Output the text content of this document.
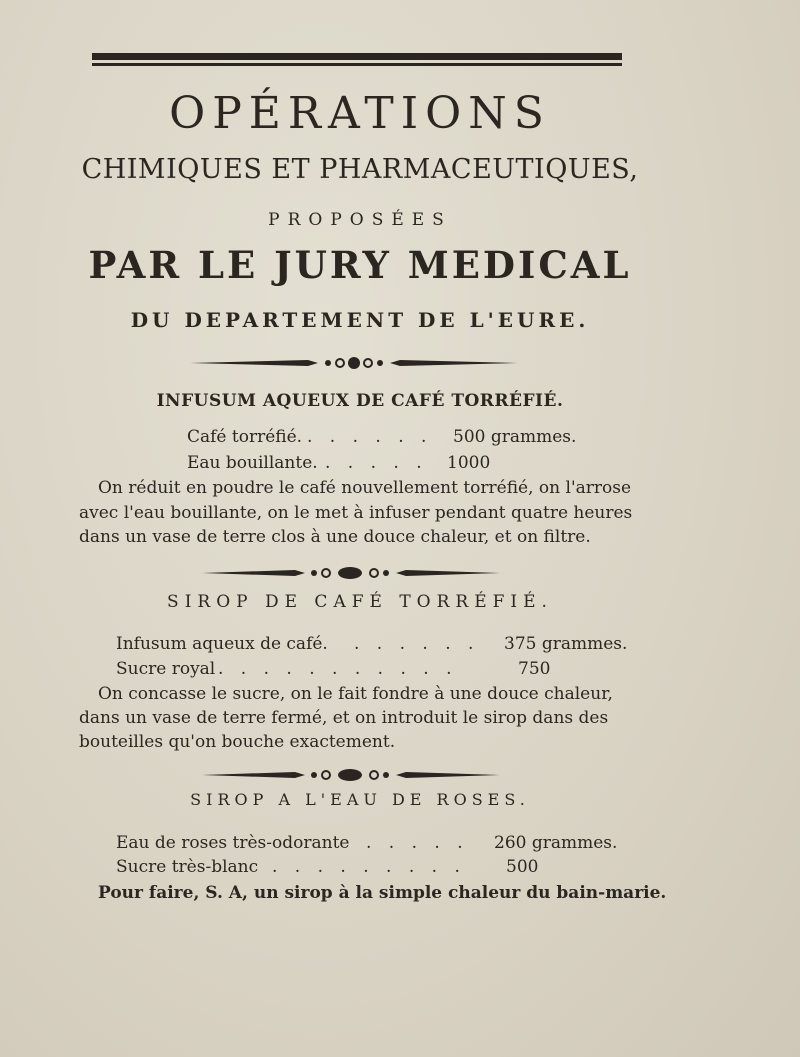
OPÉRATIONS
CHIMIQUES ET PHARMACEUTIQUES,
PROPOSÉES
PAR LE JURY MEDICAL
DU DEPARTEMENT DE L'EURE.
INFUSUM AQUEUX DE CAFÉ TORRÉFIÉ.
Café torréfié. . . . . . . 500 grammes.
Eau bouillante. . . . . . 1000
On réduit en poudre le café nouvellement torréfié, on l'arrose
avec l'eau bouillante, on le met à infuser pendant quatre heures
dans un vase de terre clos à une douce chaleur, et on filtre.
SIROP DE CAFÉ TORRÉFIÉ.
Infusum aqueux de café. . . . . . . 375 grammes.
Sucre royal . . . . . . . . . . .	750
On concasse le sucre, on le fait fondre à une douce chaleur,
dans un vase de terre fermé, et on introduit le sirop dans des
bouteilles qu'on bouche exactement.
SIROP A L'EAU DE ROSES.
Eau de roses très-odorante . . . . . 260 grammes.
Sucre très-blanc . . . . . . . . . 500
Pour faire, S. A, un sirop à la simple chaleur du bain-marie.
